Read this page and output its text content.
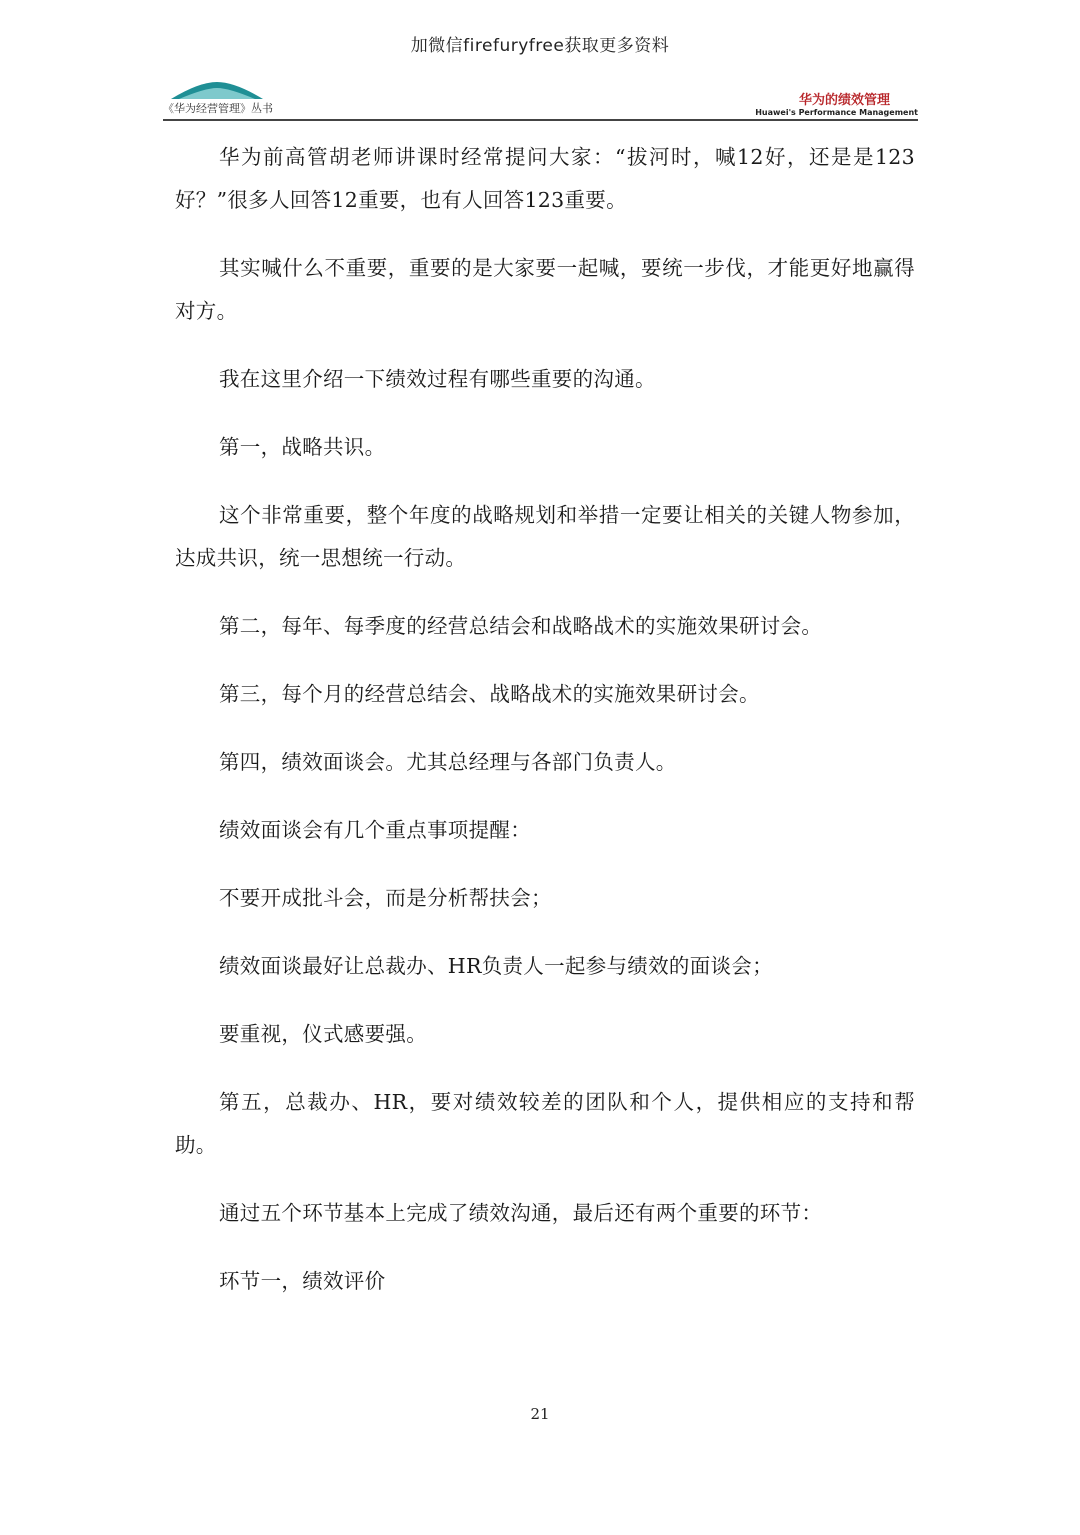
加微信firefuryfree获取更多资料
《华为经营管理》丛书
华为的绩效管理
Huawei's Performance Management

华为前高管胡老师讲课时经常提问大家：“拔河时，喊12好，还是是123好？”很多人回答12重要，也有人回答123重要。

其实喊什么不重要，重要的是大家要一起喊，要统一步伐，才能更好地赢得对方。

我在这里介绍一下绩效过程有哪些重要的沟通。

第一，战略共识。

这个非常重要，整个年度的战略规划和举措一定要让相关的关键人物参加，达成共识，统一思想统一行动。

第二，每年、每季度的经营总结会和战略战术的实施效果研讨会。

第三，每个月的经营总结会、战略战术的实施效果研讨会。

第四，绩效面谈会。尤其总经理与各部门负责人。

绩效面谈会有几个重点事项提醒：

不要开成批斗会，而是分析帮扶会；

绩效面谈最好让总裁办、HR负责人一起参与绩效的面谈会；

要重视，仪式感要强。

第五，总裁办、HR，要对绩效较差的团队和个人，提供相应的支持和帮助。

通过五个环节基本上完成了绩效沟通，最后还有两个重要的环节：

环节一，绩效评价

21
